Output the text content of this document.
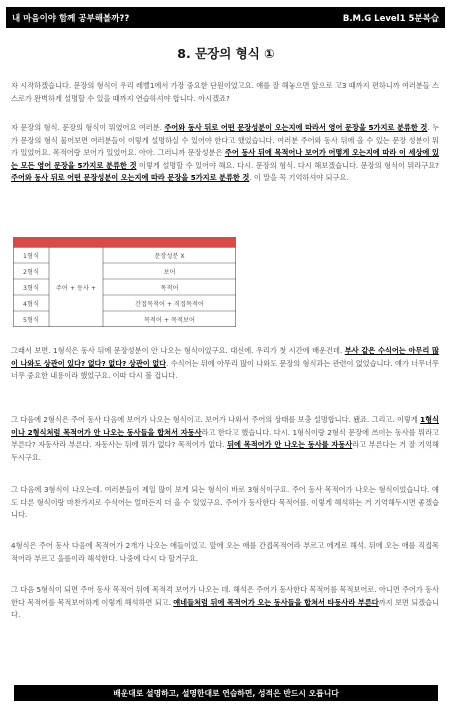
내 마음이야 함께 공부해볼까??	B.M.G Level1 5분복습
8. 문장의 형식 ①

자 시작하겠습니다. 문장의 형식이 우리 레벨1에서 가장 중요한 단원이었고요. 얘를 잘 해놓으면 앞으로 고3 때까지 편하니까 여러분들 스스로가 완벽하게 설명할 수 있을 때까지 연습하셔야 합니다. 아시겠죠?

자 문장의 형식. 문장의 형식이 뭐였어요 여러분. 주어와 동사 뒤로 어떤 문장성분이 오는지에 따라서 영어 문장을 5가지로 분류한 것. 누가 문장의 형식 물어보면 여러분들이 이렇게 설명하실 수 있어야 한다고 했었습니다. 여러분 주어와 동사 뒤에 올 수 있는 문장 성분이 뭐가 있었어요. 목적어랑 보어가 있었어요. 아아. 그러니까 문장성분은 주어 동사 뒤에 목적어나 보어가 어떻게 오는지에 따라 이 세상에 있는 모든 영어 문장을 5가지로 분류한 것 이렇게 설명할 수 있어야 해요. 다시. 문장의 형식. 다시 해보겠습니다. 문장의 형식이 뭐라구요? 주어와 동사 뒤로 어떤 문장성분이 오는지에 따라 문장을 5가지로 분류한 것. 이 말을 꼭 기억하셔야 되구요.

1형식
2형식
3형식
4형식
5형식
주어 + 동사 +
문장성분 X
보어
목적어
간접목적어 + 직접목적어
목적어 + 목적보어

그래서 보면. 1형식은 동사 뒤에 문장성분이 안 나오는 형식이었구요. 대신에. 우리가 첫 시간에 배운건데. 부사 같은 수식어는 아무리 많이 나와도 상관이 있다? 없다? 없다? 상관이 없다. 수식어는 뒤에 아무리 많이 나와도 문장의 형식과는 관련이 없었습니다. 얘가 너무너무너무 중요한 내용이라 했었구요. 이따 다시 볼 겁니다.

그 다음에 2형식은 주어 동사 다음에 보어가 나오는 형식이고. 보어가 나와서 주어의 상태를 보충 설명합니다. 됐죠. 그리고. 이렇게 1형식이나 2형식처럼 목적어가 안 나오는 동사들을 합쳐서 자동사라고 한다고 했습니다. 다시. 1형식이랑 2형식 문장에 쓰이는 동사를 뭐라고 부른다? 자동사라 부른다. 자동사는 뒤에 뭐가 없다? 목적어가 없다. 뒤에 목적어가 안 나오는 동사를 자동사라고 부른다는 거 잘 기억해 두시구요.

그 다음에 3형식이 나오는데. 여러분들이 제일 많이 보게 되는 형식이 바로 3형식이구요. 주어 동사 목적어가 나오는 형식이었습니다. 얘도 다른 형식이랑 마찬가지로 수식어는 얼마든지 더 올 수 있었구요. 주어가 동사한다 목적어를. 이렇게 해석하는 거 기억해두시면 좋겠습니다.

4형식은 주어 동사 다음에 목적어가 2개가 나오는 애들이었고. 앞에 오는 애를 간접목적어라 부르고 에게로 해석. 뒤에 오는 애를 직접목적어라 부르고 을를이라 해석한다. 나중에 다시 다 할거구요.

그 다음 5형식이 되면 주어 동사 목적어 뒤에 목적격 보어가 나오는 데. 해석은 주어가 동사한다 목적어를 목적보어로. 아니면 주어가 동사한다 목적어를 목적보어하게 이렇게 해석하면 되고. 얘네들처럼 뒤에 목적어가 오는 동사들을 합쳐서 타동사라 부른다까지 보면 되겠습니다.

배운대로 설명하고, 설명한대로 연습하면, 성적은 반드시 오릅니다
